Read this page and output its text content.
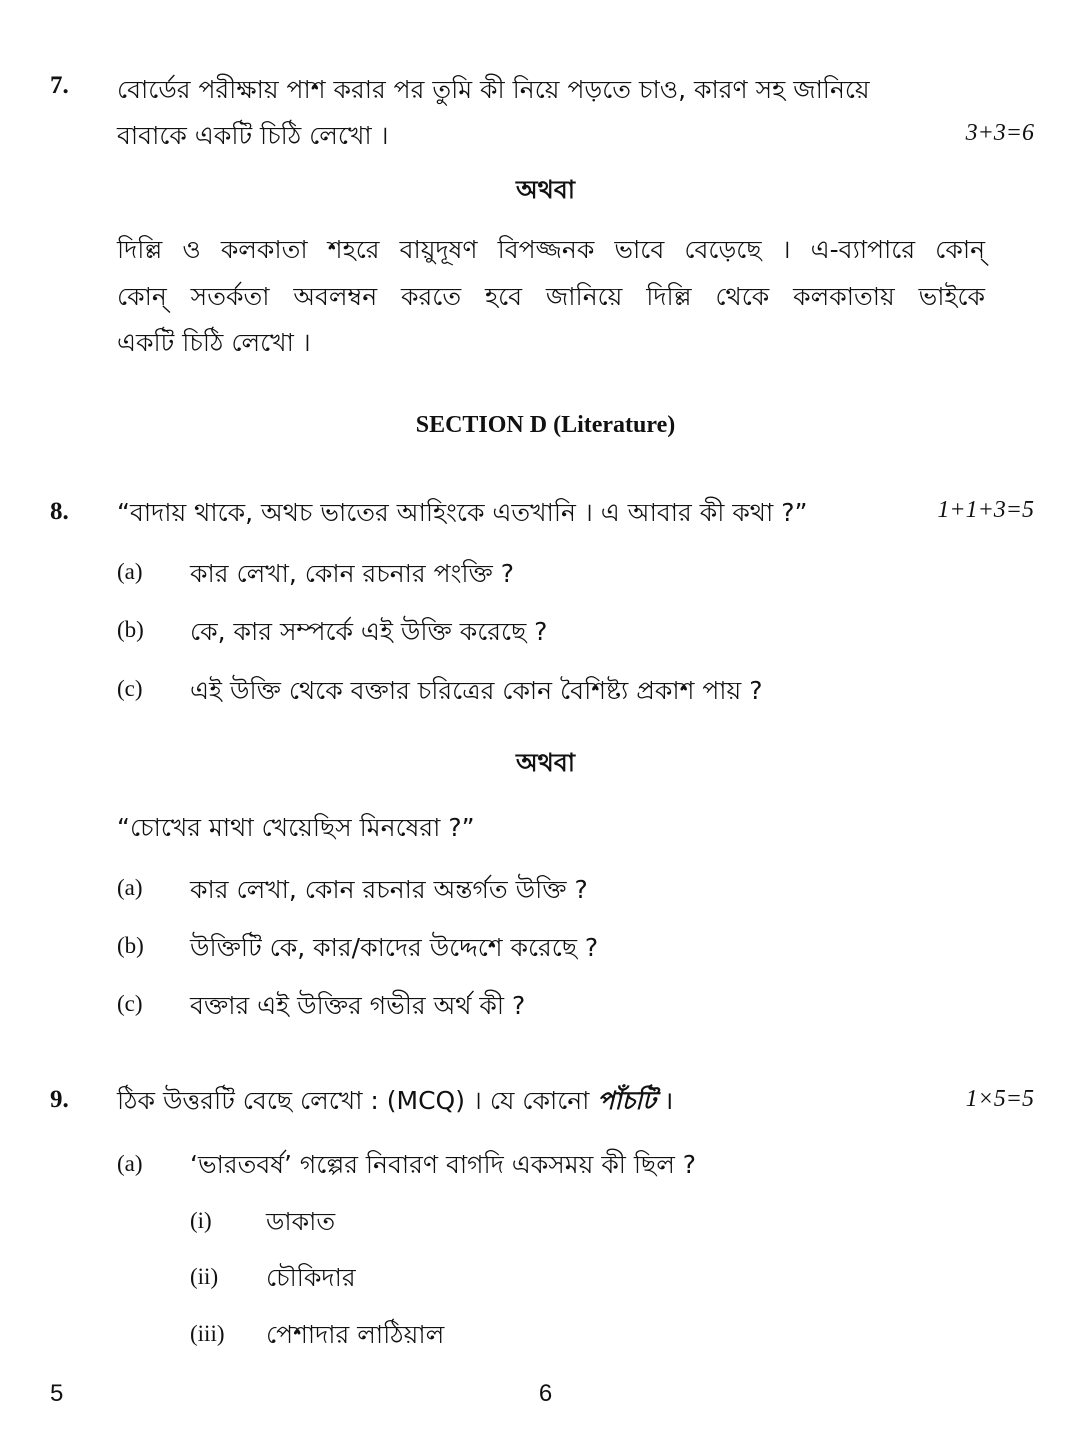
7. বোর্ডের পরীক্ষায় পাশ করার পর তুমি কী নিয়ে পড়তে চাও, কারণ সহ জানিয়ে
বাবাকে একটি চিঠি লেখো ।	3+3=6
অথবা
দিল্লি ও কলকাতা শহরে বায়ুদূষণ বিপজ্জনক ভাবে বেড়েছে । এ-ব্যাপারে কোন্
কোন্ সতর্কতা অবলম্বন করতে হবে জানিয়ে দিল্লি থেকে কলকাতায় ভাইকে
একটি চিঠি লেখো ।
SECTION D (Literature)
8. “বাদায় থাকে, অথচ ভাতের আহিংকে এতখানি । এ আবার কী কথা ?”	1+1+3=5
(a) কার লেখা, কোন রচনার পংক্তি ?
(b) কে, কার সম্পর্কে এই উক্তি করেছে ?
(c) এই উক্তি থেকে বক্তার চরিত্রের কোন বৈশিষ্ট্য প্রকাশ পায় ?
অথবা
“চোখের মাথা খেয়েছিস মিনষেরা ?”
(a) কার লেখা, কোন রচনার অন্তর্গত উক্তি ?
(b) উক্তিটি কে, কার/কাদের উদ্দেশে করেছে ?
(c) বক্তার এই উক্তির গভীর অর্থ কী ?
9. ঠিক উত্তরটি বেছে লেখো : (MCQ) । যে কোনো পাঁচটি ।	1×5=5
(a) ‘ভারতবর্ষ’ গল্পের নিবারণ বাগদি একসময় কী ছিল ?
(i) ডাকাত
(ii) চৌকিদার
(iii) পেশাদার লাঠিয়াল
5	6
